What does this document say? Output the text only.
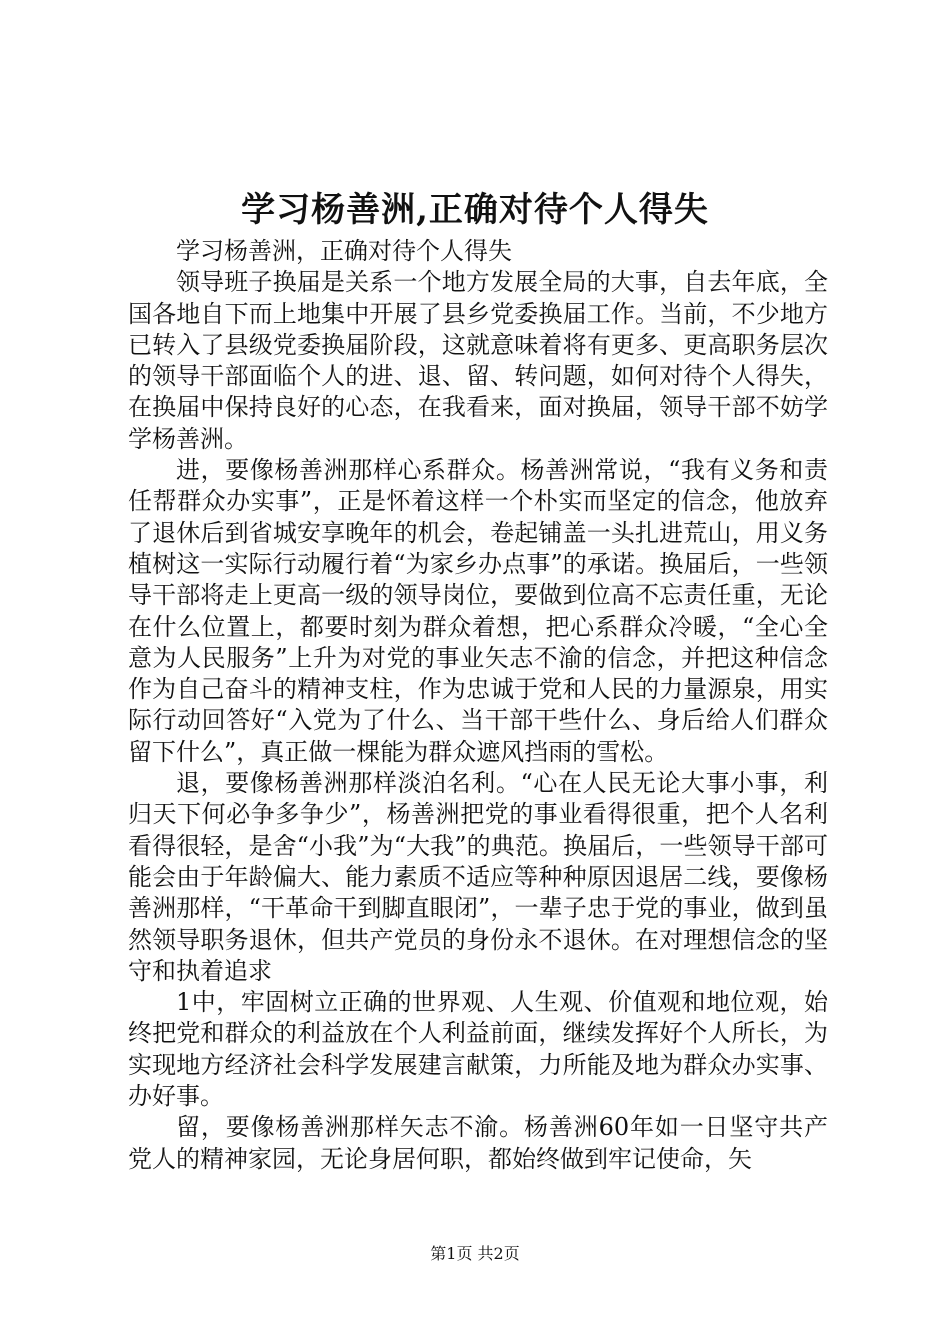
学习杨善洲,正确对待个人得失

学习杨善洲，正确对待个人得失

领导班子换届是关系一个地方发展全局的大事，自去年底，全国各地自下而上地集中开展了县乡党委换届工作。当前，不少地方已转入了县级党委换届阶段，这就意味着将有更多、更高职务层次的领导干部面临个人的进、退、留、转问题，如何对待个人得失，在换届中保持良好的心态，在我看来，面对换届，领导干部不妨学学杨善洲。

进，要像杨善洲那样心系群众。杨善洲常说，“我有义务和责任帮群众办实事”，正是怀着这样一个朴实而坚定的信念，他放弃了退休后到省城安享晚年的机会，卷起铺盖一头扎进荒山，用义务植树这一实际行动履行着“为家乡办点事”的承诺。换届后，一些领导干部将走上更高一级的领导岗位，要做到位高不忘责任重，无论在什么位置上，都要时刻为群众着想，把心系群众冷暖，“全心全意为人民服务”上升为对党的事业矢志不渝的信念，并把这种信念作为自己奋斗的精神支柱，作为忠诚于党和人民的力量源泉，用实际行动回答好“入党为了什么、当干部干些什么、身后给人们群众留下什么”，真正做一棵能为群众遮风挡雨的雪松。

退，要像杨善洲那样淡泊名利。“心在人民无论大事小事，利归天下何必争多争少”，杨善洲把党的事业看得很重，把个人名利看得很轻，是舍“小我”为“大我”的典范。换届后，一些领导干部可能会由于年龄偏大、能力素质不适应等种种原因退居二线，要像杨善洲那样，“干革命干到脚直眼闭”，一辈子忠于党的事业，做到虽然领导职务退休，但共产党员的身份永不退休。在对理想信念的坚守和执着追求

1中，牢固树立正确的世界观、人生观、价值观和地位观，始终把党和群众的利益放在个人利益前面，继续发挥好个人所长，为实现地方经济社会科学发展建言献策，力所能及地为群众办实事、办好事。

留，要像杨善洲那样矢志不渝。杨善洲60年如一日坚守共产党人的精神家园，无论身居何职，都始终做到牢记使命，矢

第1页 共2页
